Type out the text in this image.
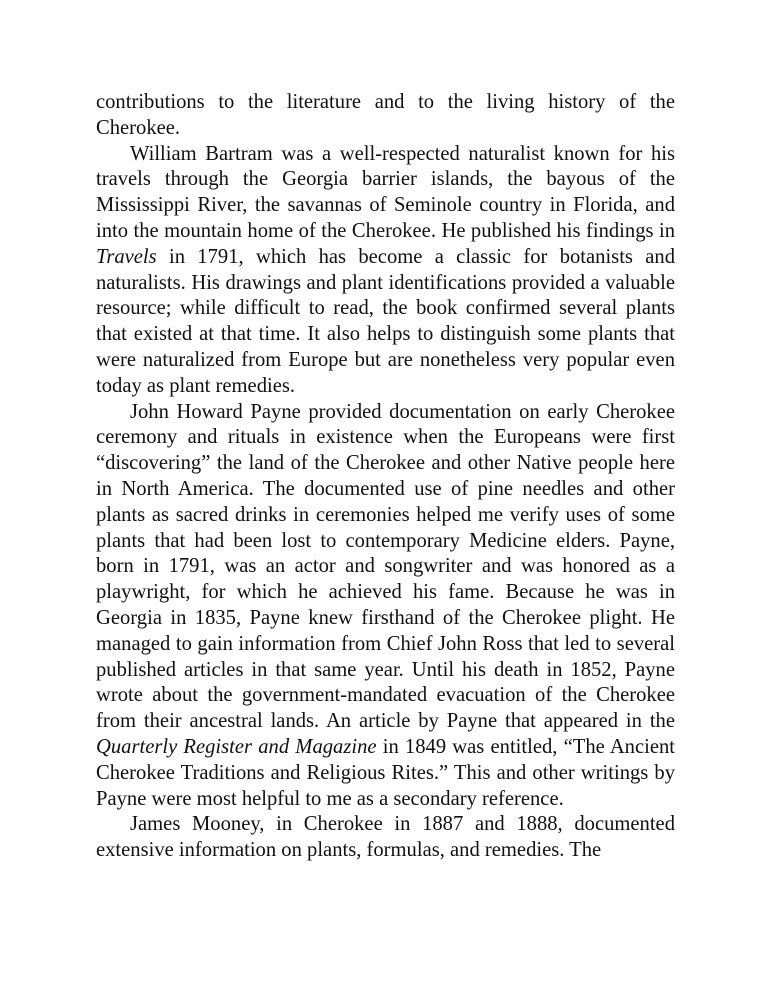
contributions to the literature and to the living history of the Cherokee.

William Bartram was a well-respected naturalist known for his travels through the Georgia barrier islands, the bayous of the Mississippi River, the savannas of Seminole country in Florida, and into the mountain home of the Cherokee. He published his findings in Travels in 1791, which has become a classic for botanists and naturalists. His drawings and plant identifications provided a valuable resource; while difficult to read, the book confirmed several plants that existed at that time. It also helps to distinguish some plants that were naturalized from Europe but are nonetheless very popular even today as plant remedies.

John Howard Payne provided documentation on early Cherokee ceremony and rituals in existence when the Europeans were first “discovering” the land of the Cherokee and other Native people here in North America. The documented use of pine needles and other plants as sacred drinks in ceremonies helped me verify uses of some plants that had been lost to contemporary Medicine elders. Payne, born in 1791, was an actor and songwriter and was honored as a playwright, for which he achieved his fame. Because he was in Georgia in 1835, Payne knew firsthand of the Cherokee plight. He managed to gain information from Chief John Ross that led to several published articles in that same year. Until his death in 1852, Payne wrote about the government-mandated evacuation of the Cherokee from their ancestral lands. An article by Payne that appeared in the Quarterly Register and Magazine in 1849 was entitled, “The Ancient Cherokee Traditions and Religious Rites.” This and other writings by Payne were most helpful to me as a secondary reference.

James Mooney, in Cherokee in 1887 and 1888, documented extensive information on plants, formulas, and remedies. The
